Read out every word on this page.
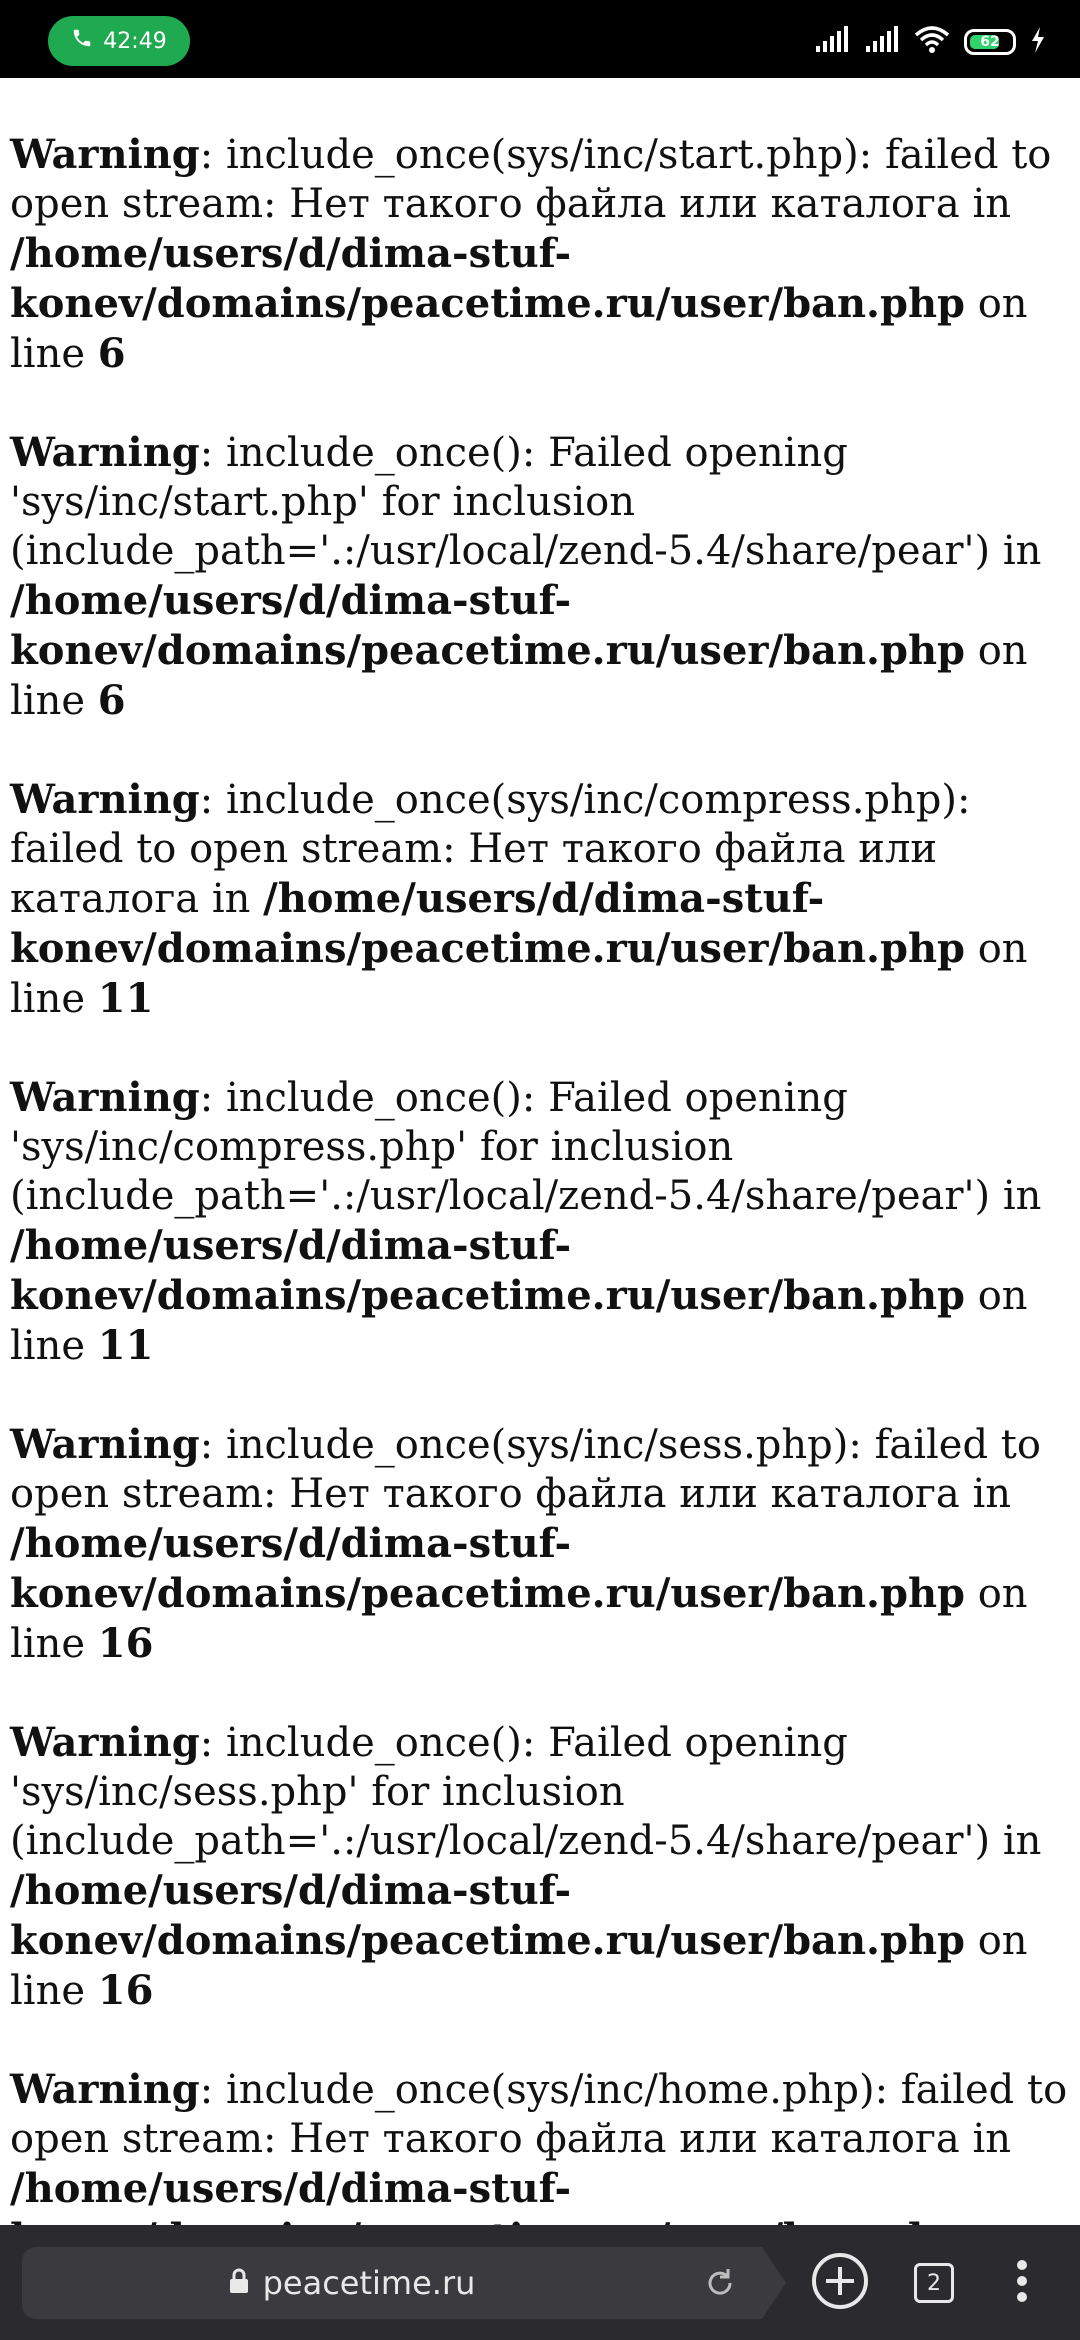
42:49	62

Warning: include_once(sys/inc/start.php): failed to open stream: Нет такого файла или каталога in /home/users/d/dima-stuf-konev/domains/peacetime.ru/user/ban.php on line 6

Warning: include_once(): Failed opening 'sys/inc/start.php' for inclusion (include_path='.:/usr/local/zend-5.4/share/pear') in /home/users/d/dima-stuf-konev/domains/peacetime.ru/user/ban.php on line 6

Warning: include_once(sys/inc/compress.php): failed to open stream: Нет такого файла или каталога in /home/users/d/dima-stuf-konev/domains/peacetime.ru/user/ban.php on line 11

Warning: include_once(): Failed opening 'sys/inc/compress.php' for inclusion (include_path='.:/usr/local/zend-5.4/share/pear') in /home/users/d/dima-stuf-konev/domains/peacetime.ru/user/ban.php on line 11

Warning: include_once(sys/inc/sess.php): failed to open stream: Нет такого файла или каталога in /home/users/d/dima-stuf-konev/domains/peacetime.ru/user/ban.php on line 16

Warning: include_once(): Failed opening 'sys/inc/sess.php' for inclusion (include_path='.:/usr/local/zend-5.4/share/pear') in /home/users/d/dima-stuf-konev/domains/peacetime.ru/user/ban.php on line 16

Warning: include_once(sys/inc/home.php): failed to open stream: Нет такого файла или каталога in /home/users/d/dima-stuf-

peacetime.ru	2
